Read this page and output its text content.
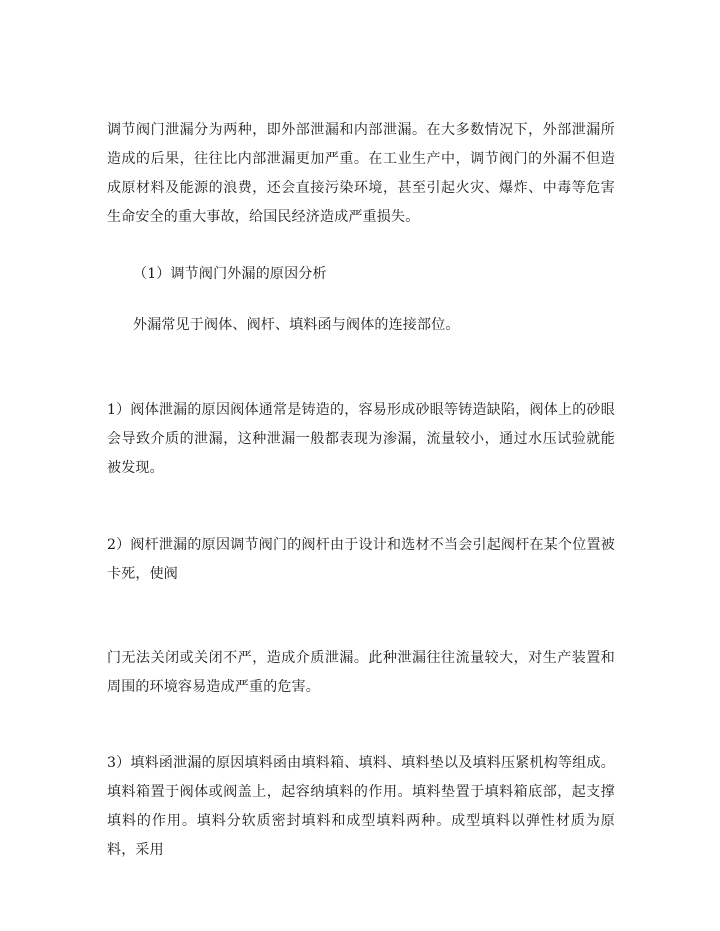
调节阀门泄漏分为两种，即外部泄漏和内部泄漏。在大多数情况下，外部泄漏所造成的后果，往往比内部泄漏更加严重。在工业生产中，调节阀门的外漏不但造成原材料及能源的浪费，还会直接污染环境，甚至引起火灾、爆炸、中毒等危害生命安全的重大事故，给国民经济造成严重损失。

（1）调节阀门外漏的原因分析

外漏常见于阀体、阀杆、填料函与阀体的连接部位。

1）阀体泄漏的原因阀体通常是铸造的，容易形成砂眼等铸造缺陷，阀体上的砂眼会导致介质的泄漏，这种泄漏一般都表现为渗漏，流量较小，通过水压试验就能被发现。

2）阀杆泄漏的原因调节阀门的阀杆由于设计和选材不当会引起阀杆在某个位置被卡死，使阀

门无法关闭或关闭不严，造成介质泄漏。此种泄漏往往流量较大，对生产装置和周围的环境容易造成严重的危害。

3）填料函泄漏的原因填料函由填料箱、填料、填料垫以及填料压紧机构等组成。填料箱置于阀体或阀盖上，起容纳填料的作用。填料垫置于填料箱底部，起支撑填料的作用。填料分软质密封填料和成型填料两种。成型填料以弹性材质为原料，采用
